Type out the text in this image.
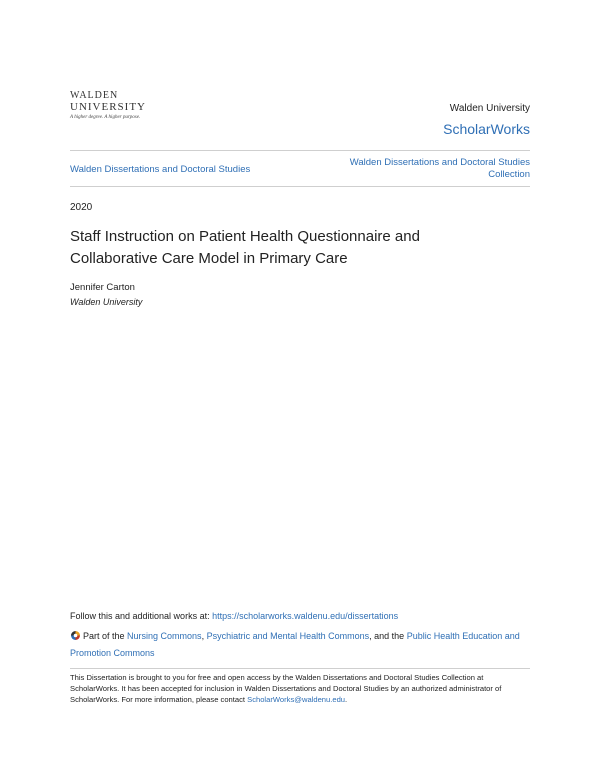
WALDEN
UNIVERSITY
A higher degree. A higher purpose.
Walden University
ScholarWorks
Walden Dissertations and Doctoral Studies
Walden Dissertations and Doctoral Studies Collection
2020
Staff Instruction on Patient Health Questionnaire and Collaborative Care Model in Primary Care
Jennifer Carton
Walden University
Follow this and additional works at: https://scholarworks.waldenu.edu/dissertations
Part of the Nursing Commons, Psychiatric and Mental Health Commons, and the Public Health Education and Promotion Commons
This Dissertation is brought to you for free and open access by the Walden Dissertations and Doctoral Studies Collection at ScholarWorks. It has been accepted for inclusion in Walden Dissertations and Doctoral Studies by an authorized administrator of ScholarWorks. For more information, please contact ScholarWorks@waldenu.edu.
